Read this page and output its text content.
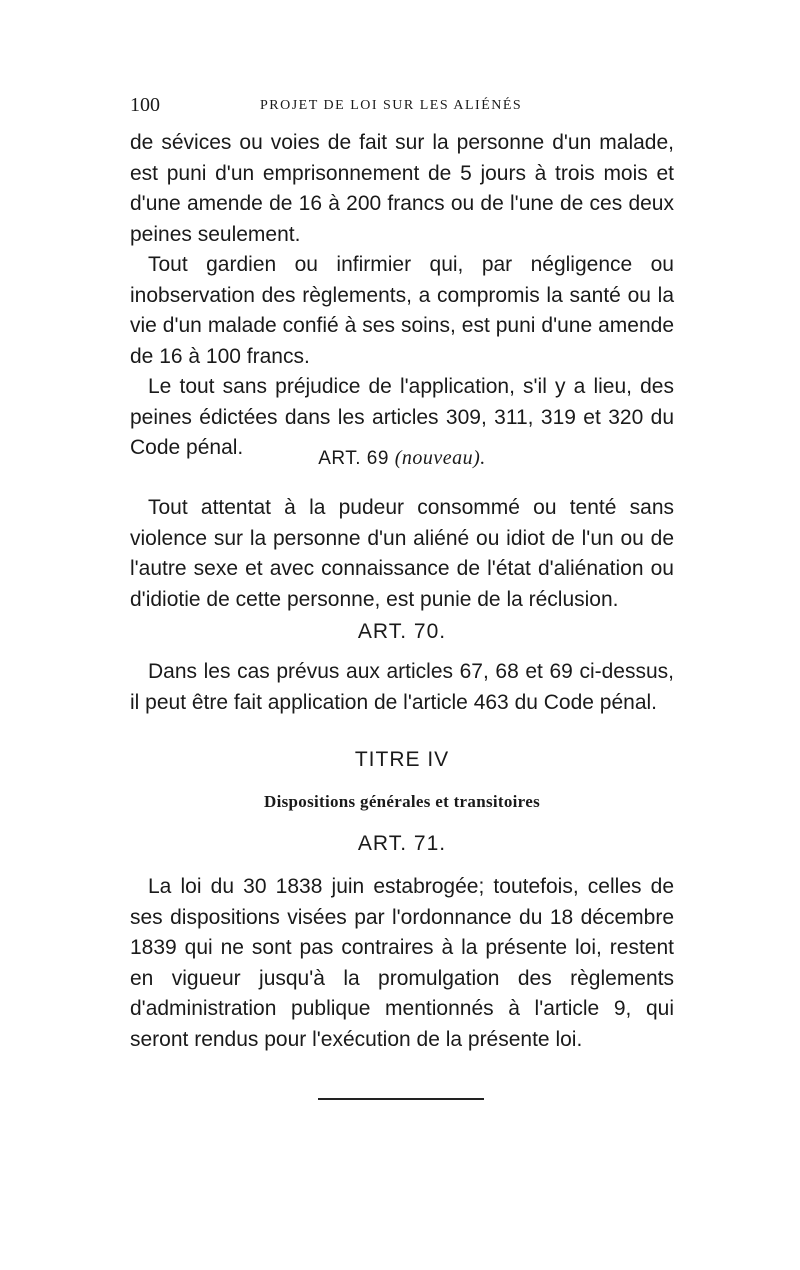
100	PROJET DE LOI SUR LES ALIÉNÉS

de sévices ou voies de fait sur la personne d'un malade, est puni d'un emprisonnement de 5 jours à trois mois et d'une amende de 16 à 200 francs ou de l'une de ces deux peines seulement.

Tout gardien ou infirmier qui, par négligence ou inobservation des règlements, a compromis la santé ou la vie d'un malade confié à ses soins, est puni d'une amende de 16 à 100 francs.

Le tout sans préjudice de l'application, s'il y a lieu, des peines édictées dans les articles 309, 311, 319 et 320 du Code pénal.	ART. 69 (nouveau).

Tout attentat à la pudeur consommé ou tenté sans violence sur la personne d'un aliéné ou idiot de l'un ou de l'autre sexe et avec connaissance de l'état d'aliénation ou d'idiotie de cette personne, est punie de la réclusion.

ART. 70.

Dans les cas prévus aux articles 67, 68 et 69 ci-dessus, il peut être fait application de l'article 463 du Code pénal.

TITRE IV
Dispositions générales et transitoires
ART. 71.

La loi du 30 1838 juin estabrogée; toutefois, celles de ses dispositions visées par l'ordonnance du 18 décembre 1839 qui ne sont pas contraires à la présente loi, restent en vigueur jusqu'à la promulgation des règlements d'administration publique mentionnés à l'article 9, qui seront rendus pour l'exécution de la présente loi.
